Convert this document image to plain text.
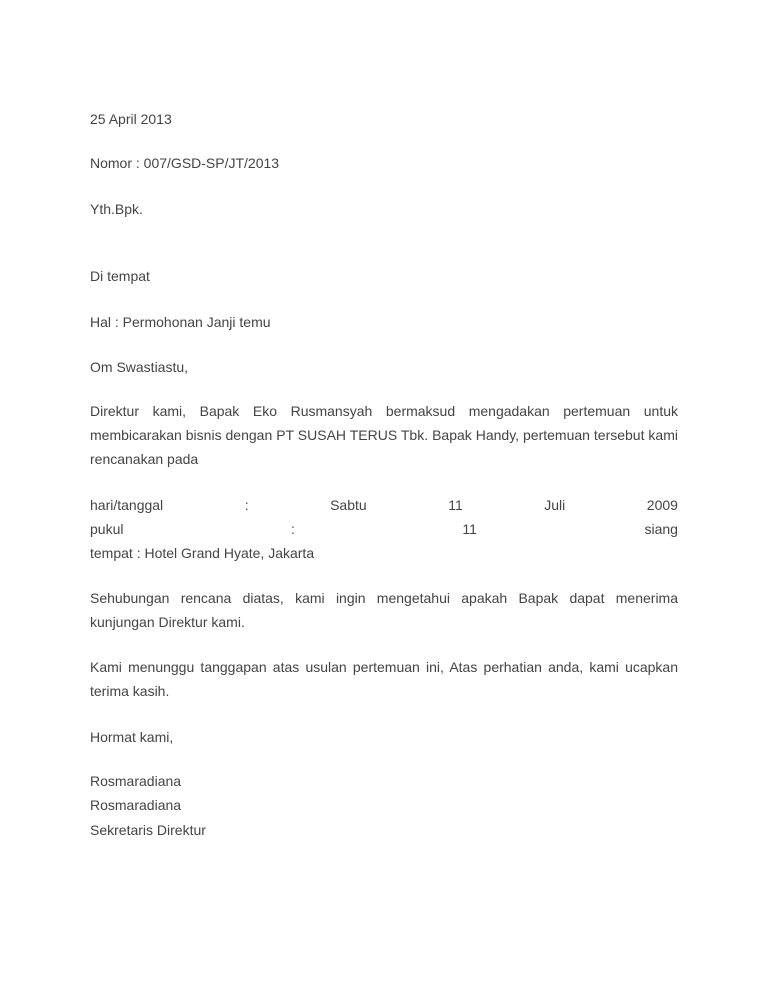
25 April 2013
Nomor : 007/GSD-SP/JT/2013
Yth.Bpk.
Di tempat
Hal : Permohonan Janji temu
Om Swastiastu,
Direktur kami, Bapak Eko Rusmansyah bermaksud mengadakan pertemuan untuk membicarakan bisnis dengan PT SUSAH TERUS Tbk. Bapak Handy, pertemuan tersebut kami rencanakan pada
hari/tanggal	:	Sabtu	11	Juli	2009
pukul	:	11	siang
tempat : Hotel Grand Hyate, Jakarta
Sehubungan rencana diatas, kami ingin mengetahui apakah Bapak dapat menerima kunjungan Direktur kami.
Kami menunggu tanggapan atas usulan pertemuan ini, Atas perhatian anda, kami ucapkan terima kasih.
Hormat kami,
Rosmaradiana
Rosmaradiana
Sekretaris Direktur
